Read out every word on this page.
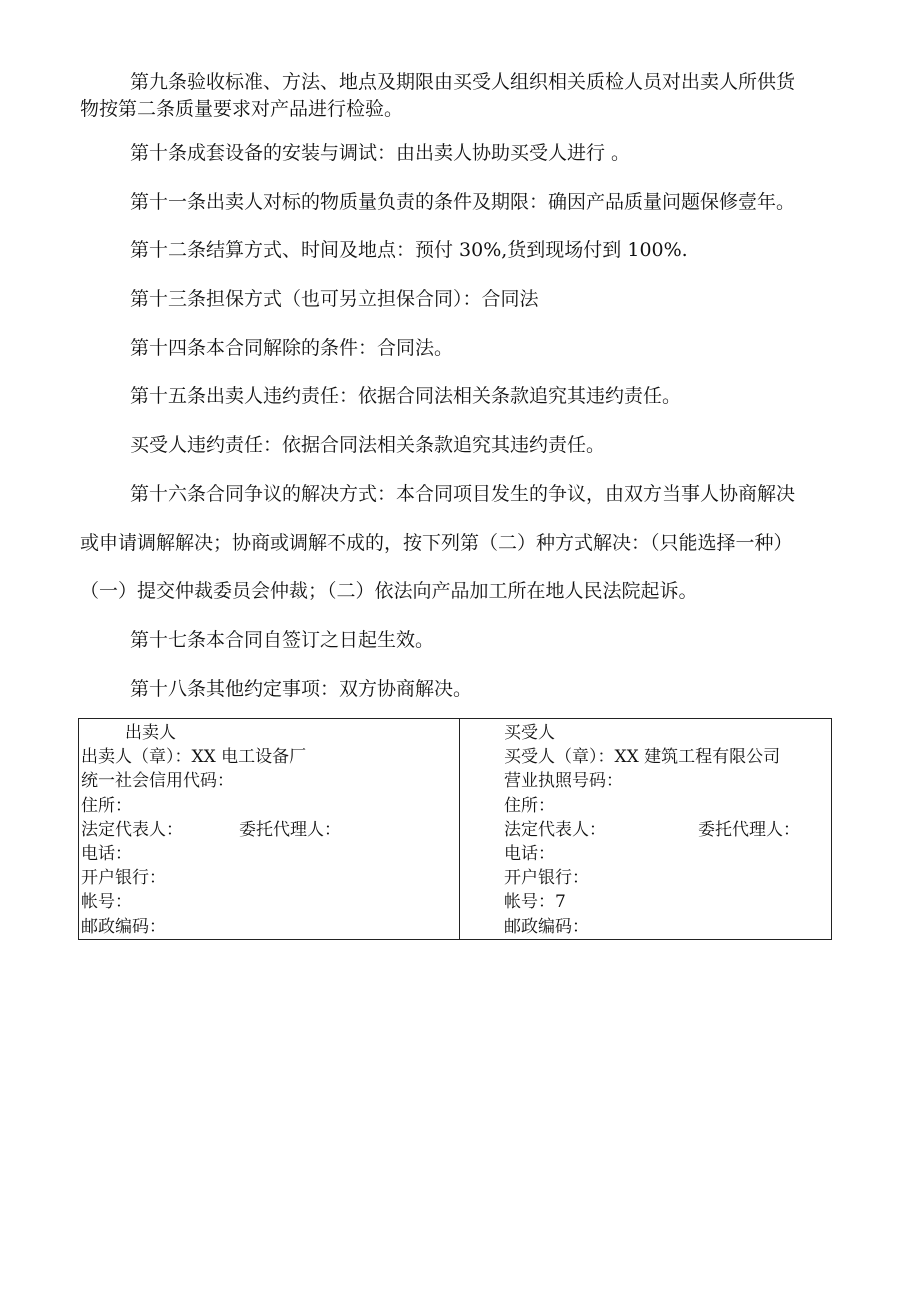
第九条验收标准、方法、地点及期限由买受人组织相关质检人员对出卖人所供货
物按第二条质量要求对产品进行检验。
第十条成套设备的安装与调试：由出卖人协助买受人进行 。
第十一条出卖人对标的物质量负责的条件及期限：确因产品质量问题保修壹年。
第十二条结算方式、时间及地点：预付 30%,货到现场付到 100%.
第十三条担保方式（也可另立担保合同）：合同法
第十四条本合同解除的条件：合同法。
第十五条出卖人违约责任：依据合同法相关条款追究其违约责任。
买受人违约责任：依据合同法相关条款追究其违约责任。
第十六条合同争议的解决方式：本合同项目发生的争议，由双方当事人协商解决
或申请调解解决；协商或调解不成的，按下列第（二）种方式解决：（只能选择一种）
（一）提交仲裁委员会仲裁；（二）依法向产品加工所在地人民法院起诉。
第十七条本合同自签订之日起生效。
第十八条其他约定事项：双方协商解决。
出卖人
出卖人（章）：XX 电工设备厂
统一社会信用代码：
住所：
法定代表人：	委托代理人：
电话：
开户银行：
帐号：
邮政编码：

买受人
买受人（章）：XX 建筑工程有限公司
营业执照号码：
住所：
法定代表人：	委托代理人：
电话：
开户银行：
帐号：7
邮政编码：
